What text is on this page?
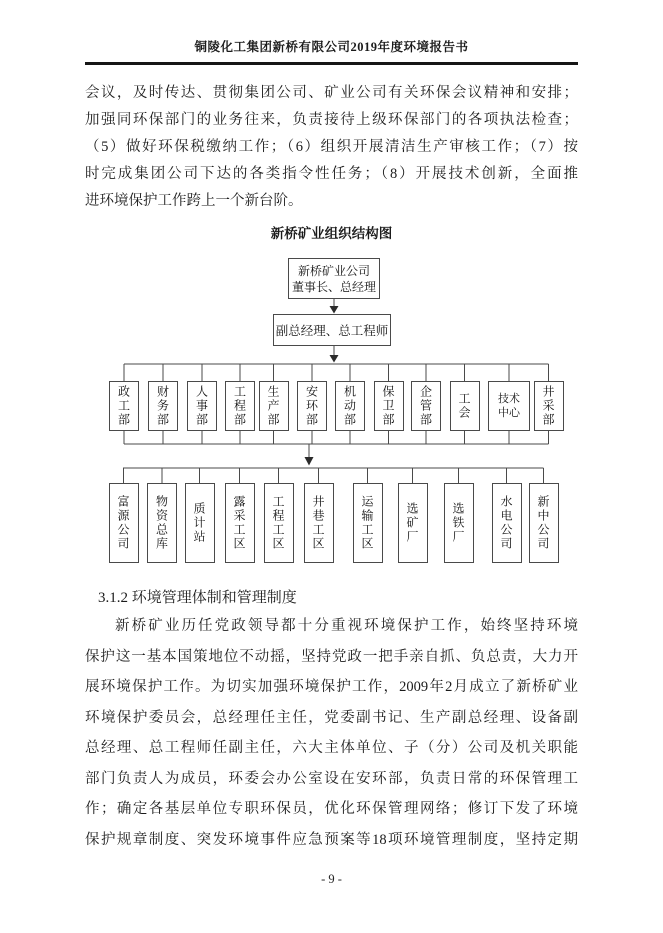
铜陵化工集团新桥有限公司2019年度环境报告书
会议，及时传达、贯彻集团公司、矿业公司有关环保会议精神和安排；
加强同环保部门的业务往来，负责接待上级环保部门的各项执法检查；
（5）做好环保税缴纳工作；（6）组织开展清洁生产审核工作；（7）按
时完成集团公司下达的各类指令性任务；（8）开展技术创新，全面推
进环境保护工作跨上一个新台阶。
新桥矿业组织结构图
新桥矿业公司
董事长、总经理
副总经理、总工程师
政工部 财务部 人事部 工程部 生产部 安环部 机动部 保卫部 企管部 工会 技术中心 井采部
富源公司 物资总库 质计站 露采工区 工程工区 井巷工区	运输工区	选矿厂	选铁厂	水电公司 新中公司
3.1.2 环境管理体制和管理制度
新桥矿业历任党政领导都十分重视环境保护工作，始终坚持环境
保护这一基本国策地位不动摇，坚持党政一把手亲自抓、负总责，大力开
展环境保护工作。为切实加强环境保护工作，2009年2月成立了新桥矿业
环境保护委员会，总经理任主任，党委副书记、生产副总经理、设备副
总经理、总工程师任副主任，六大主体单位、子（分）公司及机关职能
部门负责人为成员，环委会办公室设在安环部，负责日常的环保管理工
作；确定各基层单位专职环保员，优化环保管理网络；修订下发了环境
保护规章制度、突发环境事件应急预案等18项环境管理制度，坚持定期
- 9 -
